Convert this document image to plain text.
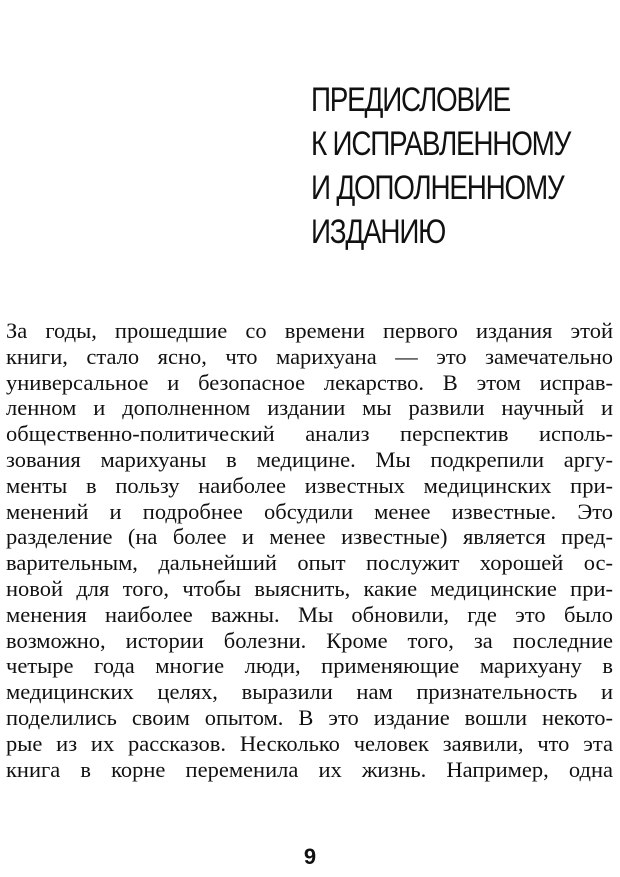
ПРЕДИСЛОВИЕ
К ИСПРАВЛЕННОМУ
И ДОПОЛНЕННОМУ
ИЗДАНИЮ
За годы, прошедшие со времени первого издания этой
книги, стало ясно, что марихуана — это замечательно
универсальное и безопасное лекарство. В этом исправ-
ленном и дополненном издании мы развили научный и
общественно-политический анализ перспектив исполь-
зования марихуаны в медицине. Мы подкрепили аргу-
менты в пользу наиболее известных медицинских при-
менений и подробнее обсудили менее известные. Это
разделение (на более и менее известные) является пред-
варительным, дальнейший опыт послужит хорошей ос-
новой для того, чтобы выяснить, какие медицинские при-
менения наиболее важны. Мы обновили, где это было
возможно, истории болезни. Кроме того, за последние
четыре года многие люди, применяющие марихуану в
медицинских целях, выразили нам признательность и
поделились своим опытом. В это издание вошли некото-
рые из их рассказов. Несколько человек заявили, что эта
книга в корне переменила их жизнь. Например, одна
9
